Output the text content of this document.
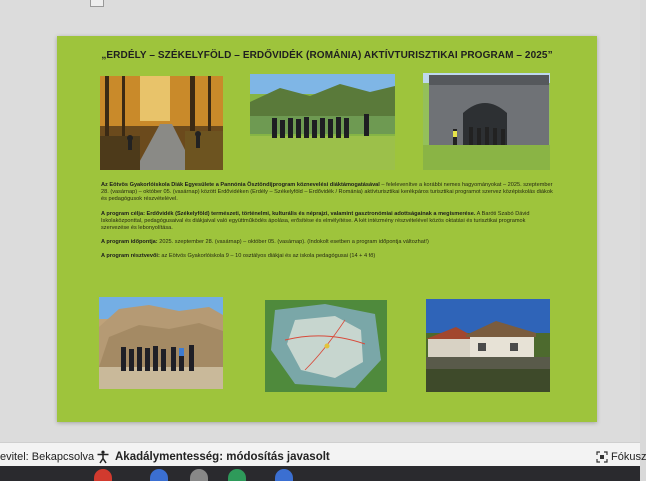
„ERDÉLY – SZÉKELYFÖLD – ERDŐVIDÉK (ROMÁNIA) AKTÍVTURISZTIKAI PROGRAM – 2025”

Az Eötvös Gyakorlóiskola Diák Egyesülete a Pannónia Ösztöndíjprogram köznevelési diáktámogatásával – felelevenítve a korábbi nemes hagyományokat – 2025. szeptember 28. (vasárnap) – október 05. (vasárnap) között Erdővidéken (Erdély – Székelyföld – Erdővidék / Románia) aktívturisztikai kerékpáros turisztikai programot szervez középiskolás diákok és pedagógusok részvételével.

A program célja: Erdővidék (Székelyföld) természeti, történelmi, kulturális és néprajzi, valamint gasztronómiai adottságainak a megismerése. A Baróti Szabó Dávid Iskolaközponttal, pedagógusaival és diákjaival való együttműködés ápolása, erősítése és elmélyítése. A két intézmény részvételével közös oktatási és turisztikai programok szervezése és lebonyolítása.

A program időpontja: 2025. szeptember 28. (vasárnap) – október 05. (vasárnap). (Indokolt esetben a program időpontja változhat!)

A program résztvevői: az Eötvös Gyakorlóiskola 9 – 10 osztályos diákjai és az iskola pedagógusai (14 + 4 fő)

evitel: Bekapcsolva Akadálymentesség: módosítás javasolt	Fókusz
